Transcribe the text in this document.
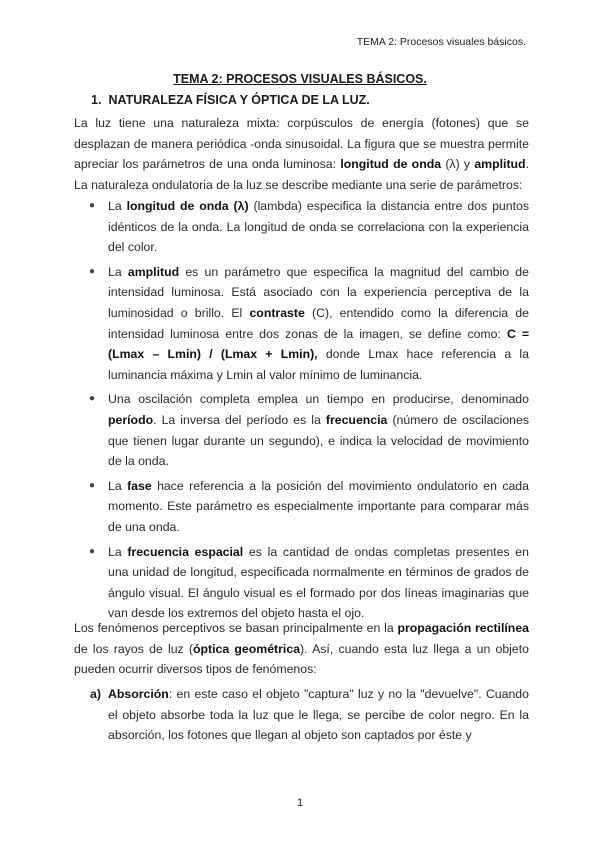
TEMA 2: Procesos visuales básicos.
TEMA 2: PROCESOS VISUALES BÁSICOS.
1. NATURALEZA FÍSICA Y ÓPTICA DE LA LUZ.
La luz tiene una naturaleza mixta: corpúsculos de energía (fotones) que se desplazan de manera periódica -onda sinusoidal. La figura que se muestra permite apreciar los parámetros de una onda luminosa: longitud de onda (λ) y amplitud. La naturaleza ondulatoria de la luz se describe mediante una serie de parámetros:
● La longitud de onda (λ) (lambda) especifica la distancia entre dos puntos idénticos de la onda. La longitud de onda se correlaciona con la experiencia del color.
● La amplitud es un parámetro que especifica la magnitud del cambio de intensidad luminosa. Está asociado con la experiencia perceptiva de la luminosidad o brillo. El contraste (C), entendido como la diferencia de intensidad luminosa entre dos zonas de la imagen, se define como: C = (Lmax – Lmin) / (Lmax + Lmin), donde Lmax hace referencia a la luminancia máxima y Lmin al valor mínimo de luminancia.
● Una oscilación completa emplea un tiempo en producirse, denominado período. La inversa del período es la frecuencia (número de oscilaciones que tienen lugar durante un segundo), e indica la velocidad de movimiento de la onda.
● La fase hace referencia a la posición del movimiento ondulatorio en cada momento. Este parámetro es especialmente importante para comparar más de una onda.
● La frecuencia espacial es la cantidad de ondas completas presentes en una unidad de longitud, especificada normalmente en términos de grados de ángulo visual. El ángulo visual es el formado por dos líneas imaginarias que van desde los extremos del objeto hasta el ojo.
Los fenómenos perceptivos se basan principalmente en la propagación rectilínea de los rayos de luz (óptica geométrica). Así, cuando esta luz llega a un objeto pueden ocurrir diversos tipos de fenómenos:
a) Absorción: en este caso el objeto "captura" luz y no la "devuelve". Cuando el objeto absorbe toda la luz que le llega, se percibe de color negro. En la absorción, los fotones que llegan al objeto son captados por éste y
1
